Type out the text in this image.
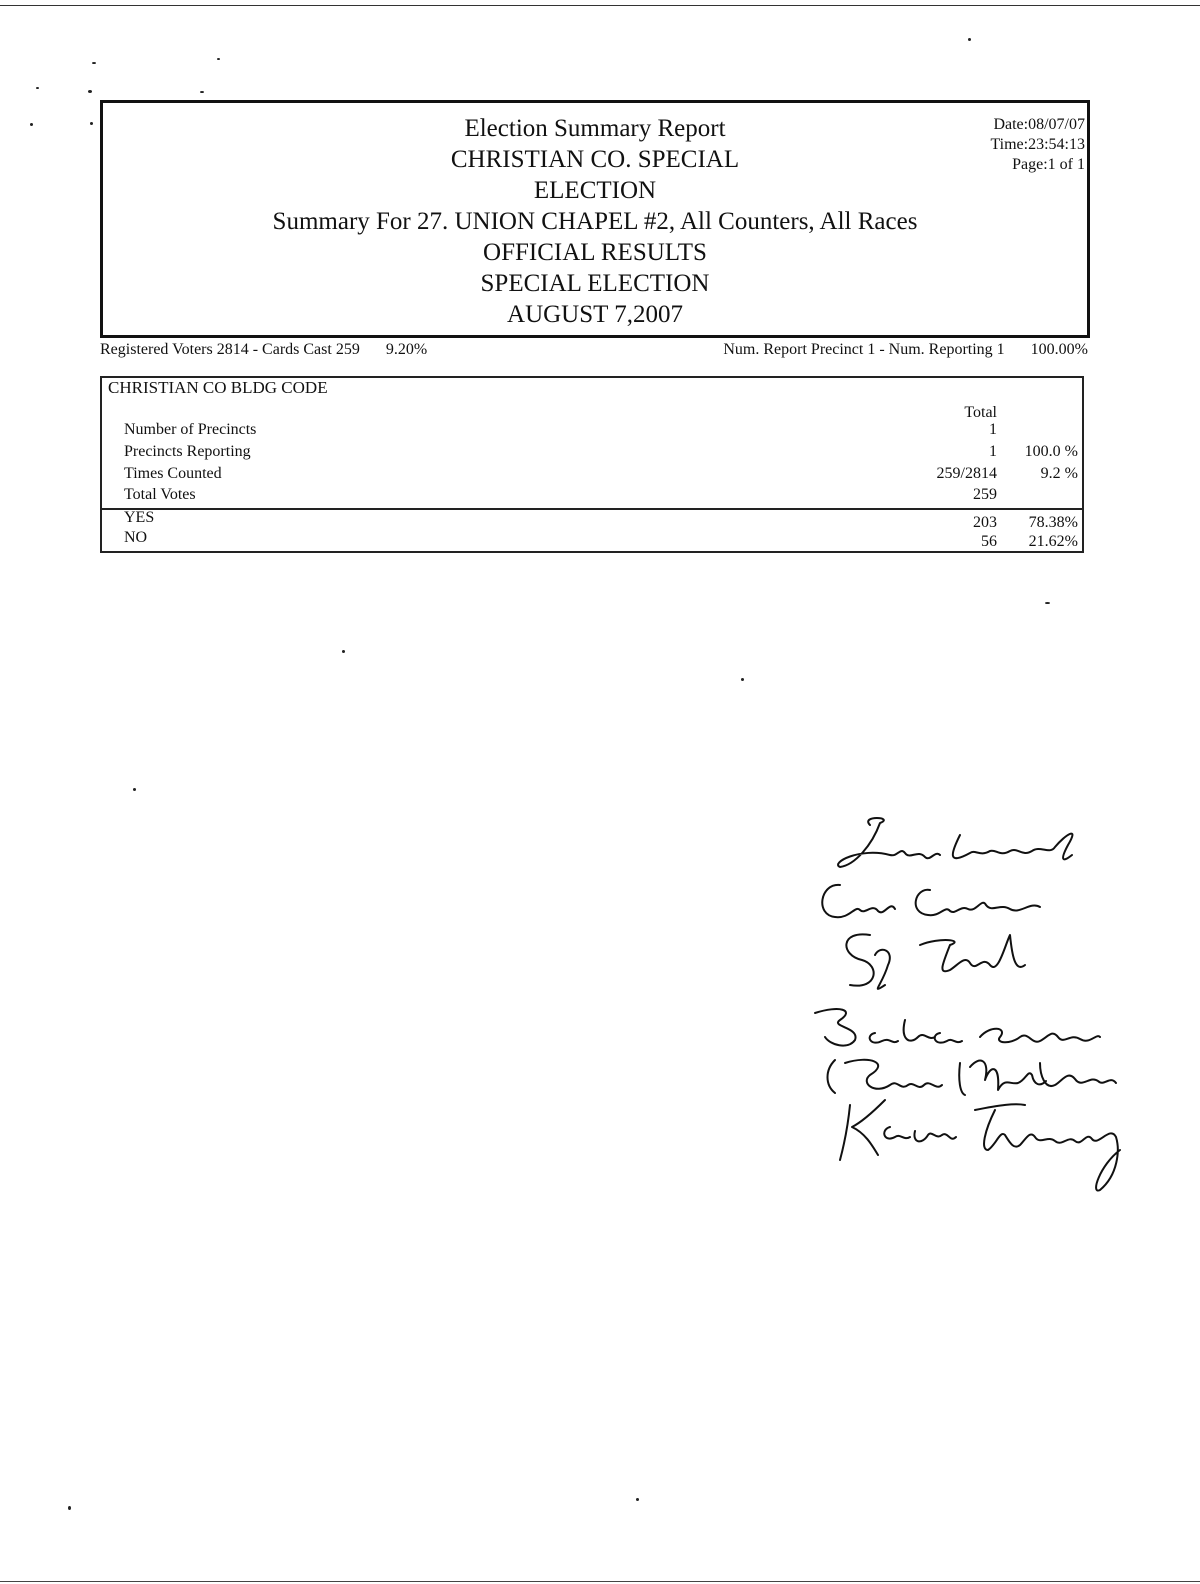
Election Summary Report
CHRISTIAN CO. SPECIAL
ELECTION
Summary For 27. UNION CHAPEL #2, All Counters, All Races
OFFICIAL RESULTS
SPECIAL ELECTION
AUGUST 7,2007
Date:08/07/07
Time:23:54:13
Page:1 of 1
Registered Voters 2814 - Cards Cast 259 9.20%	Num. Report Precinct 1 - Num. Reporting 1 100.00%
CHRISTIAN CO BLDG CODE
Total
Number of Precincts	1
Precincts Reporting	1 100.0 %
Times Counted	259/2814	9.2 %
Total Votes	259
YES	203 78.38%
NO	56 21.62%
